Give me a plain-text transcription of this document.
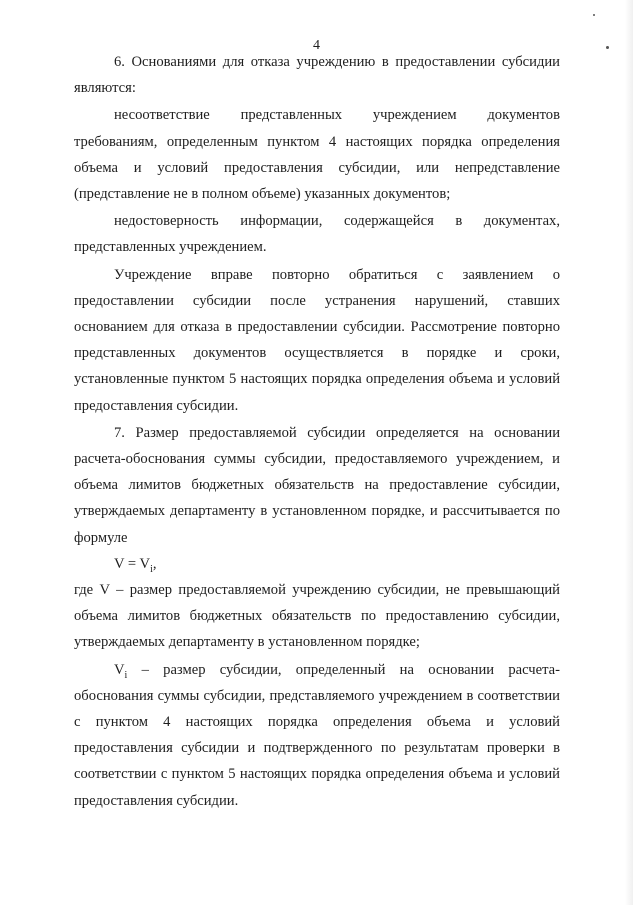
4

6. Основаниями для отказа учреждению в предоставлении субсидии являются:

несоответствие представленных учреждением документов требованиям, определенным пунктом 4 настоящих порядка определения объема и условий предоставления субсидии, или непредставление (представление не в полном объеме) указанных документов;

недостоверность информации, содержащейся в документах, представленных учреждением.

Учреждение вправе повторно обратиться с заявлением о предоставлении субсидии после устранения нарушений, ставших основанием для отказа в предоставлении субсидии. Рассмотрение повторно представленных документов осуществляется в порядке и сроки, установленные пунктом 5 настоящих порядка определения объема и условий предоставления субсидии.

7. Размер предоставляемой субсидии определяется на основании расчета-обоснования суммы субсидии, предоставляемого учреждением, и объема лимитов бюджетных обязательств на предоставление субсидии, утверждаемых департаменту в установленном порядке, и рассчитывается по формуле

$V = V_i$,

где V – размер предоставляемой учреждению субсидии, не превышающий объема лимитов бюджетных обязательств по предоставлению субсидии, утверждаемых департаменту в установленном порядке;

$V_i$ – размер субсидии, определенный на основании расчета-обоснования суммы субсидии, представляемого учреждением в соответствии с пунктом 4 настоящих порядка определения объема и условий предоставления субсидии и подтвержденного по результатам проверки в соответствии с пунктом 5 настоящих порядка определения объема и условий предоставления субсидии.
